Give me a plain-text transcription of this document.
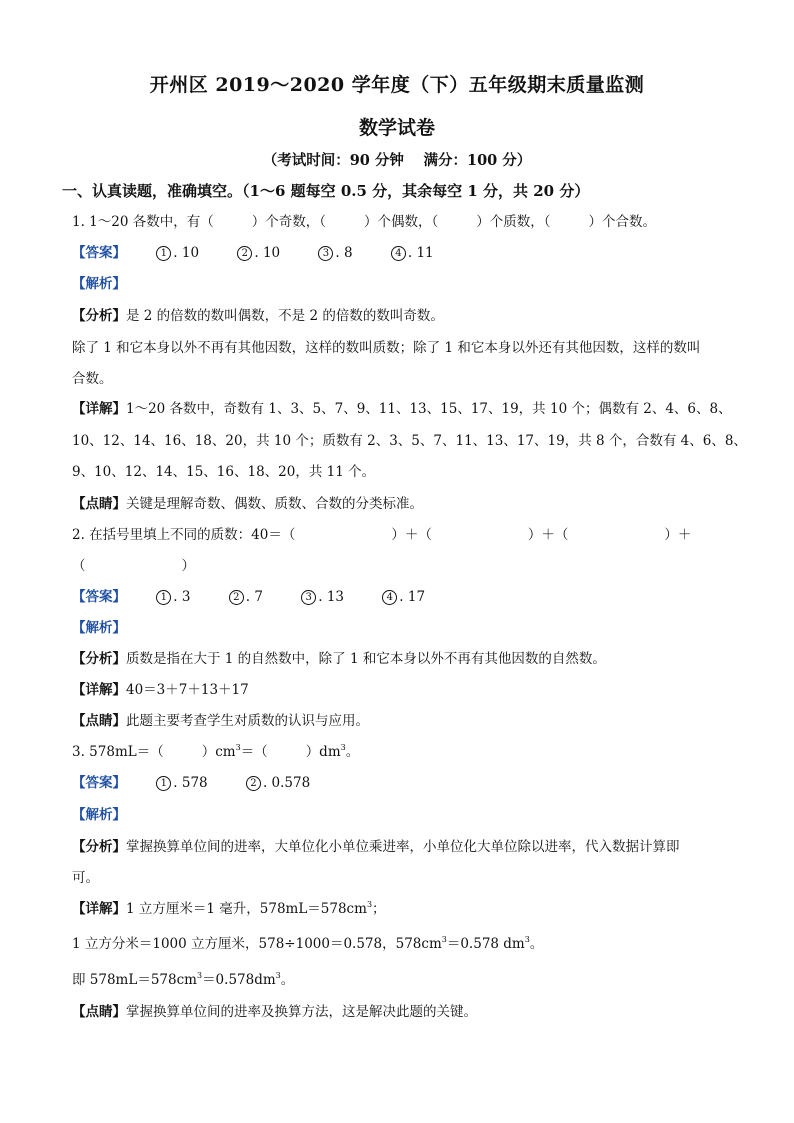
开州区 2019～2020 学年度（下）五年级期末质量监测
数学试卷
（考试时间：90 分钟　 满分：100 分）
一、认真读题，准确填空。（1～6 题每空 0.5 分，其余每空 1 分，共 20 分）
1. 1～20 各数中，有（	）个奇数，（	）个偶数，（	）个质数，（	）个合数。
【答案】	1 . 10	2 . 10	3 . 8	4 . 11
【解析】
【分析】是 2 的倍数的数叫偶数，不是 2 的倍数的数叫奇数。
除了 1 和它本身以外不再有其他因数，这样的数叫质数；除了 1 和它本身以外还有其他因数，这样的数叫
合数。
【详解】1～20 各数中，奇数有 1、3、5、7、9、11、13、15、17、19，共 10 个；偶数有 2、4、6、8、
10、12、14、16、18、20，共 10 个；质数有 2、3、5、7、11、13、17、19，共 8 个，合数有 4、6、8、
9、10、12、14、15、16、18、20，共 11 个。
【点睛】关键是理解奇数、偶数、质数、合数的分类标准。
2. 在括号里填上不同的质数：40＝（	）＋（	）＋（	）＋
（	）
【答案】	1 . 3	2 . 7	3 . 13	4 . 17
【解析】
【分析】质数是指在大于 1 的自然数中，除了 1 和它本身以外不再有其他因数的自然数。
【详解】40＝3＋7＋13＋17
【点睛】此题主要考查学生对质数的认识与应用。
3. 578mL＝（	）$cm^3=$（	）$dm^3$。
【答案】	1 . 578	2 . 0.578
【解析】
【分析】掌握换算单位间的进率，大单位化小单位乘进率，小单位化大单位除以进率，代入数据计算即
可。
【详解】1 立方厘米＝1 毫升，$578mL=578cm^3$；
1 立方分米＝1000 立方厘米，578÷1000＝0.578，$578cm^3=0.578$ $dm^3$。
即 $578mL=578cm^3=0.578dm^3$。
【点睛】掌握换算单位间的进率及换算方法，这是解决此题的关键。
